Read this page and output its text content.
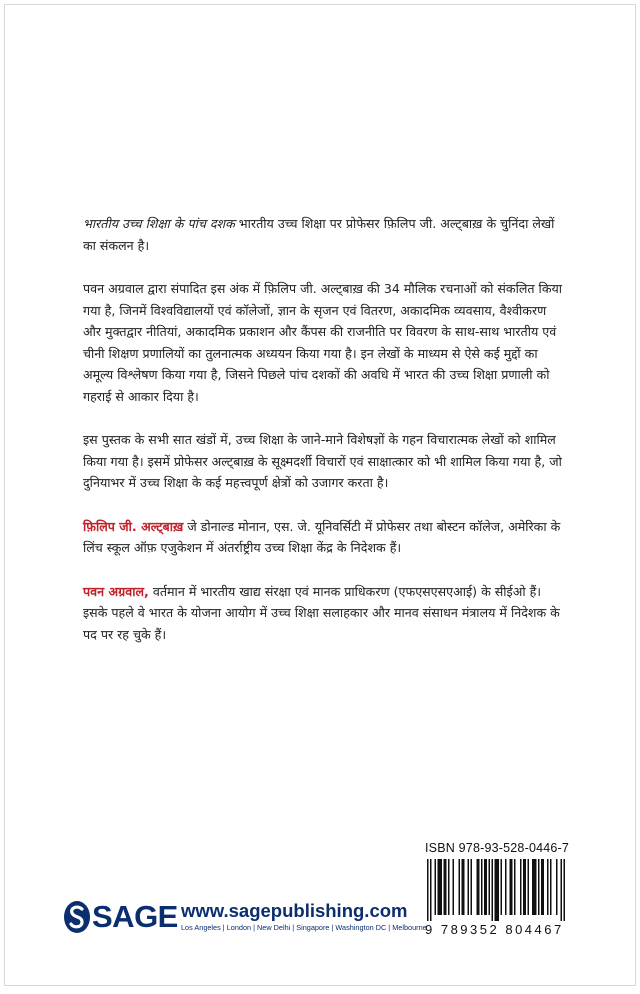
भारतीय उच्च शिक्षा के पांच दशक भारतीय उच्च शिक्षा पर प्रोफेसर फ़िलिप जी. अल्ट्बाख़ के चुनिंदा लेखों का संकलन है।

पवन अग्रवाल द्वारा संपादित इस अंक में फ़िलिप जी. अल्ट्बाख़ की 34 मौलिक रचनाओं को संकलित किया गया है, जिनमें विश्वविद्यालयों एवं कॉलेजों, ज्ञान के सृजन एवं वितरण, अकादमिक व्यवसाय, वैश्वीकरण और मुक्तद्वार नीतियां, अकादमिक प्रकाशन और कैंपस की राजनीति पर विवरण के साथ-साथ भारतीय एवं चीनी शिक्षण प्रणालियों का तुलनात्मक अध्ययन किया गया है। इन लेखों के माध्यम से ऐसे कई मुद्दों का अमूल्य विश्लेषण किया गया है, जिसने पिछले पांच दशकों की अवधि में भारत की उच्च शिक्षा प्रणाली को गहराई से आकार दिया है।

इस पुस्तक के सभी सात खंडों में, उच्च शिक्षा के जाने-माने विशेषज्ञों के गहन विचारात्मक लेखों को शामिल किया गया है। इसमें प्रोफेसर अल्ट्बाख़ के सूक्ष्मदर्शी विचारों एवं साक्षात्कार को भी शामिल किया गया है, जो दुनियाभर में उच्च शिक्षा के कई महत्त्वपूर्ण क्षेत्रों को उजागर करता है।

फ़िलिप जी. अल्ट्बाख़ जे डोनाल्ड मोनान, एस. जे. यूनिवर्सिटी में प्रोफेसर तथा बोस्टन कॉलेज, अमेरिका के लिंच स्कूल ऑफ़ एजुकेशन में अंतर्राष्ट्रीय उच्च शिक्षा केंद्र के निदेशक हैं।

पवन अग्रवाल, वर्तमान में भारतीय खाद्य संरक्षा एवं मानक प्राधिकरण (एफएसएसएआई) के सीईओ हैं। इसके पहले वे भारत के योजना आयोग में उच्च शिक्षा सलाहकार और मानव संसाधन मंत्रालय में निदेशक के पद पर रह चुके हैं।

ISBN 978-93-528-0446-7
9 789352 804467
SAGE www.sagepublishing.com
Los Angeles | London | New Delhi | Singapore | Washington DC | Melbourne
